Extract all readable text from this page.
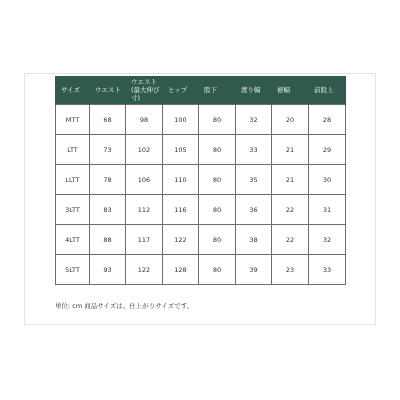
サイズ	ウエスト	ウエスト(最大伸び寸)	ヒップ	股下	渡り幅	裾幅	前股上
MTT	68	98	100	80	32	20	28
LTT	73	102	105	80	33	21	29
LLTT	78	106	110	80	35	21	30
3LTT	83	112	116	80	36	22	31
4LTT	88	117	122	80	38	22	32
5LTT	93	122	128	80	39	23	33
単位: cm 商品サイズは、仕上がりサイズです。
